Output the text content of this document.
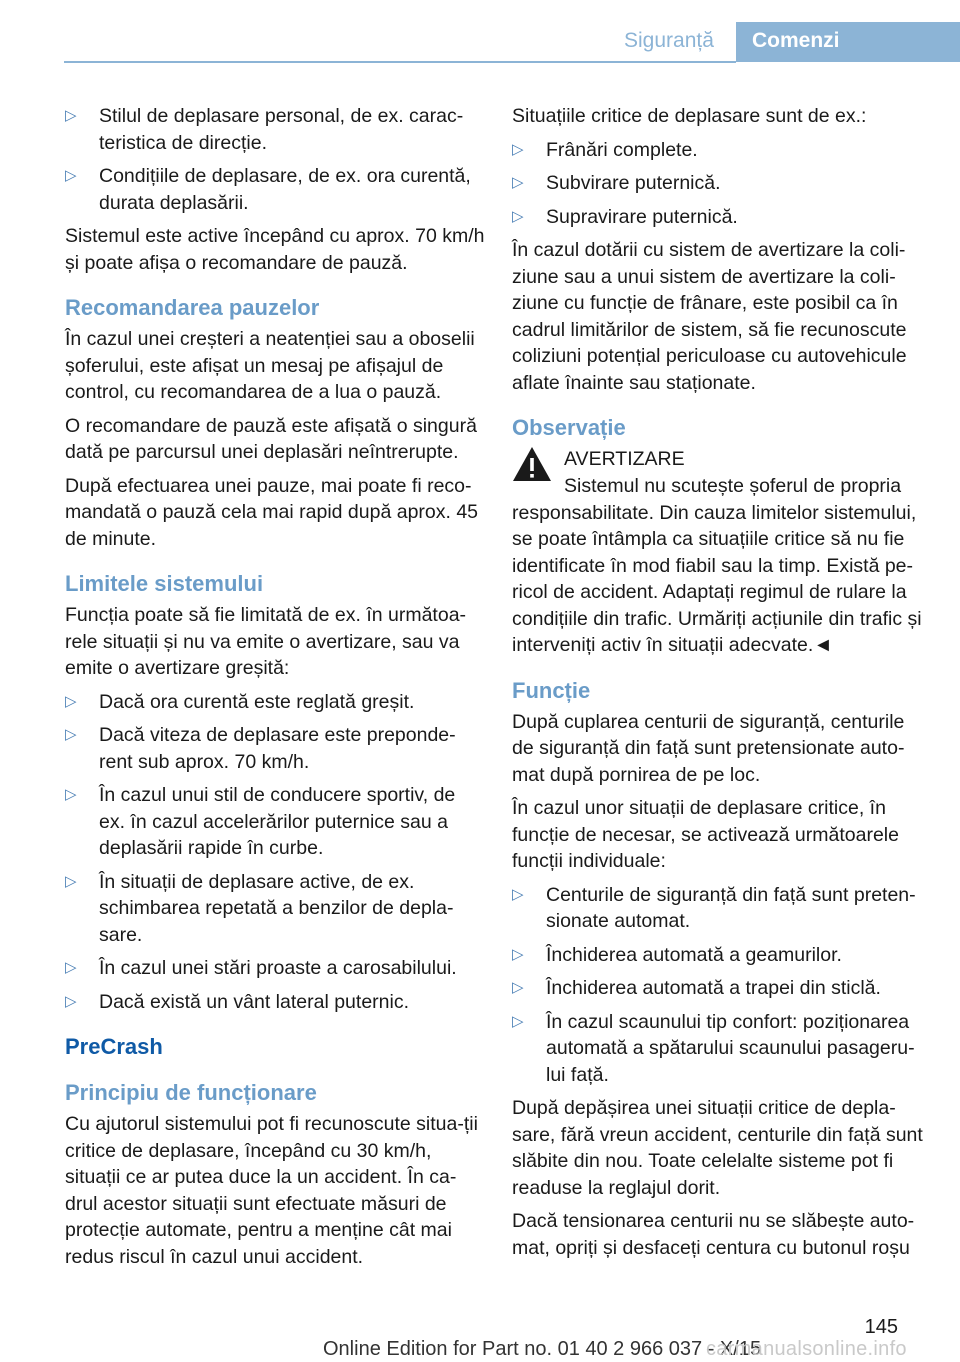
Siguranță Comenzi
▷ Stilul de deplasare personal, de ex. carac-teristica de direcție.
▷ Condițiile de deplasare, de ex. ora curentă, durata deplasării.

Sistemul este active începând cu aprox. 70 km/h și poate afișa o recomandare de pauză.

Recomandarea pauzelor

În cazul unei creșteri a neatenției sau a oboselii șoferului, este afișat un mesaj pe afișajul de control, cu recomandarea de a lua o pauză.

O recomandare de pauză este afișată o singură dată pe parcursul unei deplasări neîntrerupte.

După efectuarea unei pauze, mai poate fi reco-mandată o pauză cela mai rapid după aprox. 45 de minute.

Limitele sistemului

Funcția poate să fie limitată de ex. în următoa-rele situații și nu va emite o avertizare, sau va emite o avertizare greșită:

▷ Dacă ora curentă este reglată greșit.
▷ Dacă viteza de deplasare este preponde-rent sub aprox. 70 km/h.
▷ În cazul unui stil de conducere sportiv, de ex. în cazul accelerărilor puternice sau a deplasării rapide în curbe.
▷ În situații de deplasare active, de ex. schimbarea repetată a benzilor de depla-sare.
▷ În cazul unei stări proaste a carosabilului.
▷ Dacă există un vânt lateral puternic.
PreCrash
Principiu de funcționare

Cu ajutorul sistemului pot fi recunoscute situa-ții critice de deplasare, începând cu 30 km/h, situații ce ar putea duce la un accident. În ca-drul acestor situații sunt efectuate măsuri de protecție automate, pentru a menține cât mai redus riscul în cazul unui accident.

Situațiile critice de deplasare sunt de ex.:

▷ Frânări complete.
▷ Subvirare puternică.
▷ Supravirare puternică.

În cazul dotării cu sistem de avertizare la coli-ziune sau a unui sistem de avertizare la coli-ziune cu funcție de frânare, este posibil ca în cadrul limitărilor de sistem, să fie recunoscute coliziuni potențial periculoase cu autovehicule aflate înainte sau staționate.

Observație
AVERTIZARE

Sistemul nu scutește șoferul de propria responsabilitate. Din cauza limitelor sistemului, se poate întâmpla ca situațiile critice să nu fie identificate în mod fiabil sau la timp. Există pe-ricol de accident. Adaptați regimul de rulare la condițiile din trafic. Urmăriți acțiunile din trafic și interveniți activ în situații adecvate.◄

Funcție

După cuplarea centurii de siguranță, centurile de siguranță din față sunt pretensionate auto-mat după pornirea de pe loc.

În cazul unor situații de deplasare critice, în funcție de necesar, se activează următoarele funcții individuale:

▷ Centurile de siguranță din față sunt preten-sionate automat.
▷ Închiderea automată a geamurilor.
▷ Închiderea automată a trapei din sticlă.
▷ În cazul scaunului tip confort: poziționarea automată a spătarului scaunului pasageru-lui față.

După depășirea unei situații critice de depla-sare, fără vreun accident, centurile din față sunt slăbite din nou. Toate celelalte sisteme pot fi readuse la reglajul dorit.

Dacă tensionarea centurii nu se slăbește auto-mat, opriți și desfaceți centura cu butonul roșu

145
Online Edition for Part no. 01 40 2 966 037 - X/15
carmanualsonline.info
